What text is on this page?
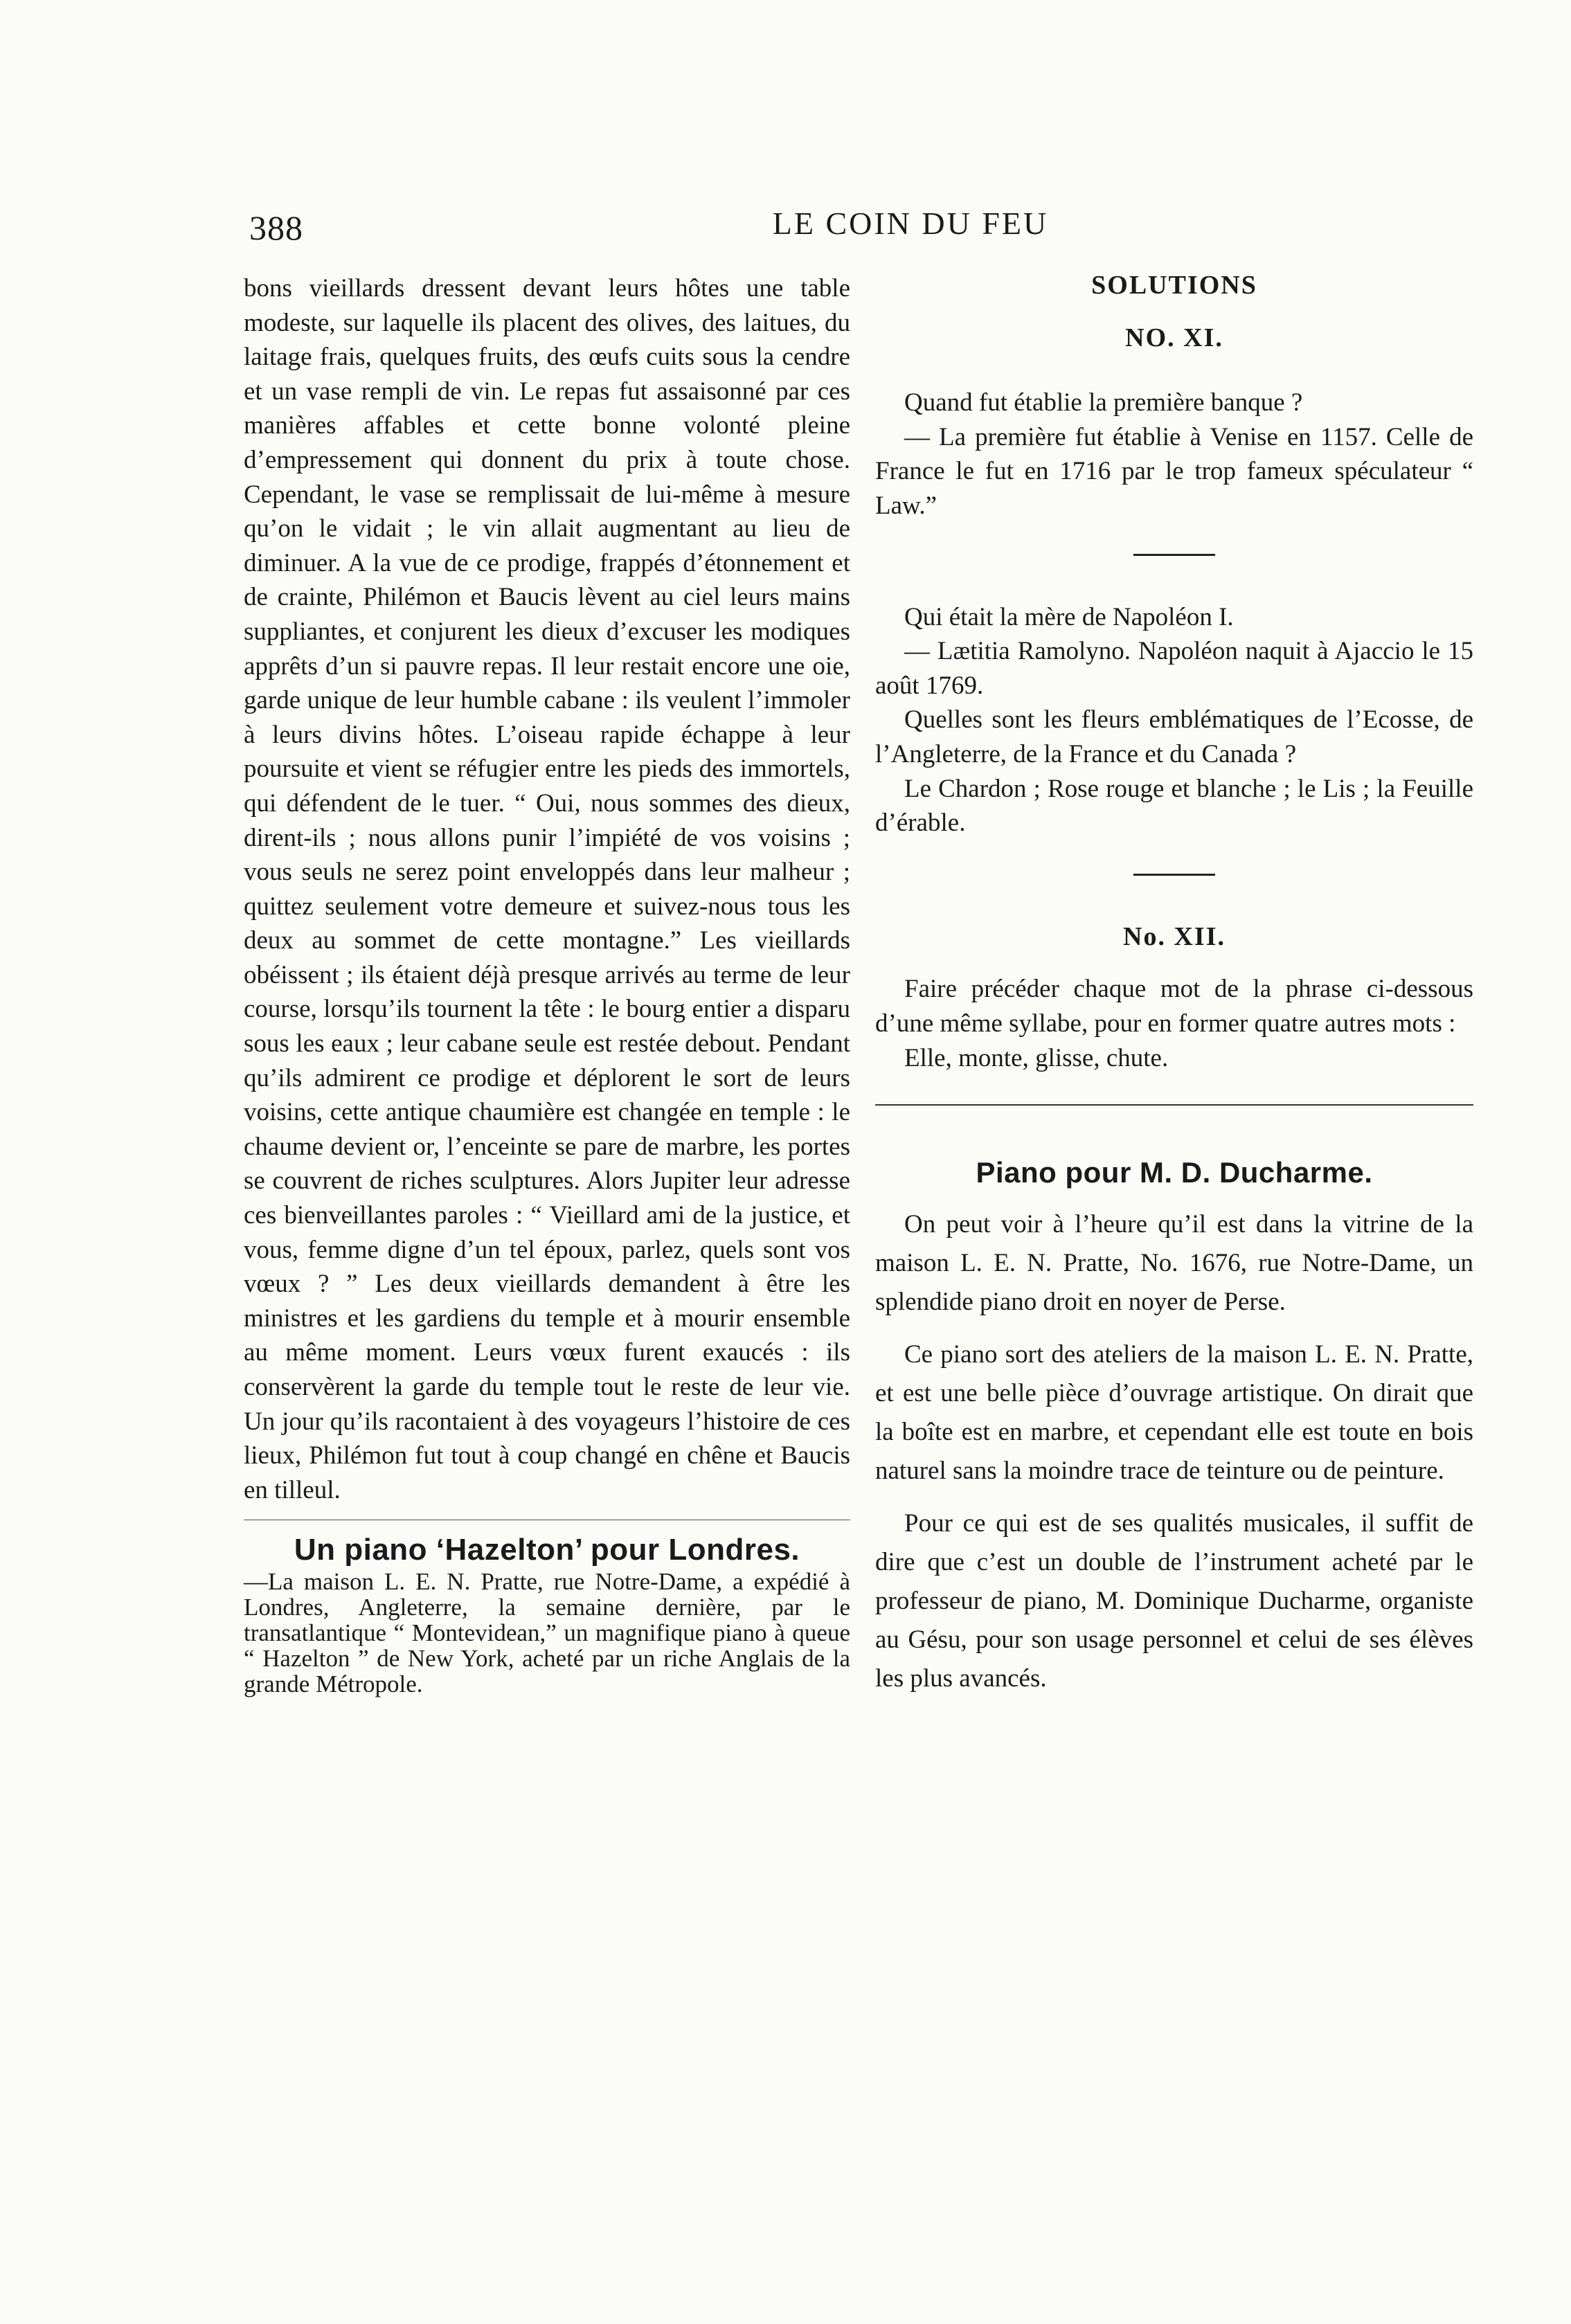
388	LE COIN DU FEU

bons vieillards dressent devant leurs hôtes une table modeste, sur laquelle ils placent des olives, des laitues, du laitage frais, quelques fruits, des œufs cuits sous la cendre et un vase rempli de vin. Le repas fut assaisonné par ces manières affables et cette bonne volonté pleine d’empressement qui donnent du prix à toute chose. Cependant, le vase se remplissait de lui-même à mesure qu’on le vidait ; le vin allait augmentant au lieu de diminuer. A la vue de ce prodige, frappés d’étonnement et de crainte, Philémon et Baucis lèvent au ciel leurs mains suppliantes, et conjurent les dieux d’excuser les modiques apprêts d’un si pauvre repas. Il leur restait encore une oie, garde unique de leur humble cabane : ils veulent l’immoler à leurs divins hôtes. L’oiseau rapide échappe à leur poursuite et vient se réfugier entre les pieds des immortels, qui défendent de le tuer. “ Oui, nous sommes des dieux, dirent-ils ; nous allons punir l’impiété de vos voisins ; vous seuls ne serez point enveloppés dans leur malheur ; quittez seulement votre demeure et suivez-nous tous les deux au sommet de cette montagne.” Les vieillards obéissent ; ils étaient déjà presque arrivés au terme de leur course, lorsqu’ils tournent la tête : le bourg entier a disparu sous les eaux ; leur cabane seule est restée debout. Pendant qu’ils admirent ce prodige et déplorent le sort de leurs voisins, cette antique chaumière est changée en temple : le chaume devient or, l’enceinte se pare de marbre, les portes se couvrent de riches sculptures. Alors Jupiter leur adresse ces bienveillantes paroles : “ Vieillard ami de la justice, et vous, femme digne d’un tel époux, parlez, quels sont vos vœux ? ” Les deux vieillards demandent à être les ministres et les gardiens du temple et à mourir ensemble au même moment. Leurs vœux furent exaucés : ils conservèrent la garde du temple tout le reste de leur vie. Un jour qu’ils racontaient à des voyageurs l’histoire de ces lieux, Philémon fut tout à coup changé en chêne et Baucis en tilleul.

Un piano ‘Hazelton’ pour Londres.

—La maison L. E. N. Pratte, rue Notre-Dame, a expédié à Londres, Angleterre, la semaine dernière, par le transatlantique “ Montevidean,” un magnifique piano à queue “ Hazelton ” de New York, acheté par un riche Anglais de la grande Métropole.

SOLUTIONS
NO. XI.

Quand fut établie la première banque ?

— La première fut établie à Venise en 1157. Celle de France le fut en 1716 par le trop fameux spéculateur “ Law.”

Qui était la mère de Napoléon I.

— Lætitia Ramolyno. Napoléon naquit à Ajaccio le 15 août 1769.

Quelles sont les fleurs emblématiques de l’Ecosse, de l’Angleterre, de la France et du Canada ?

Le Chardon ; Rose rouge et blanche ; le Lis ; la Feuille d’érable.

No. XII.

Faire précéder chaque mot de la phrase ci-dessous d’une même syllabe, pour en former quatre autres mots :

Elle, monte, glisse, chute.

Piano pour M. D. Ducharme.

On peut voir à l’heure qu’il est dans la vitrine de la maison L. E. N. Pratte, No. 1676, rue Notre-Dame, un splendide piano droit en noyer de Perse.

Ce piano sort des ateliers de la maison L. E. N. Pratte, et est une belle pièce d’ouvrage artistique. On dirait que la boîte est en marbre, et cependant elle est toute en bois naturel sans la moindre trace de teinture ou de peinture.

Pour ce qui est de ses qualités musicales, il suffit de dire que c’est un double de l’instrument acheté par le professeur de piano, M. Dominique Ducharme, organiste au Gésu, pour son usage personnel et celui de ses élèves les plus avancés.
